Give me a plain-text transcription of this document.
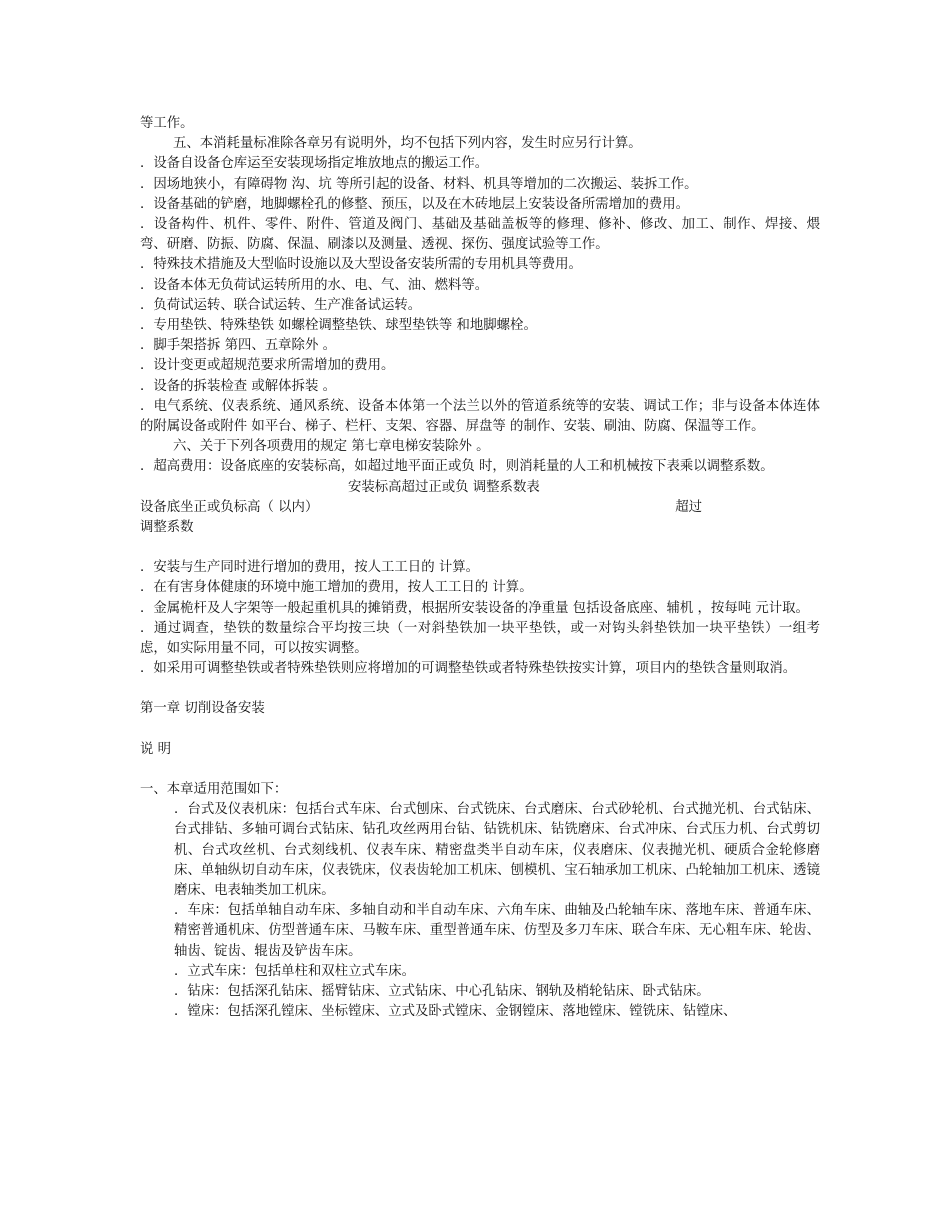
等工作。

五、本消耗量标准除各章另有说明外，均不包括下列内容，发生时应另行计算。

．设备自设备仓库运至安装现场指定堆放地点的搬运工作。

．因场地狭小，有障碍物 沟、坑 等所引起的设备、材料、机具等增加的二次搬运、装拆工作。

．设备基础的铲磨，地脚螺栓孔的修整、预压，以及在木砖地层上安装设备所需增加的费用。

．设备构件、机件、零件、附件、管道及阀门、基础及基础盖板等的修理、修补、修改、加工、制作、焊接、煨弯、研磨、防振、防腐、保温、刷漆以及测量、透视、探伤、强度试验等工作。

．特殊技术措施及大型临时设施以及大型设备安装所需的专用机具等费用。

．设备本体无负荷试运转所用的水、电、气、油、燃料等。

．负荷试运转、联合试运转、生产准备试运转。

．专用垫铁、特殊垫铁 如螺栓调整垫铁、球型垫铁等 和地脚螺栓。

．脚手架搭拆 第四、五章除外 。

．设计变更或超规范要求所需增加的费用。

．设备的拆装检查 或解体拆装 。

．电气系统、仪表系统、通风系统、设备本体第一个法兰以外的管道系统等的安装、调试工作；非与设备本体连体的附属设备或附件 如平台、梯子、栏杆、支架、容器、屏盘等 的制作、安装、刷油、防腐、保温等工作。

六、关于下列各项费用的规定 第七章电梯安装除外 。

．超高费用：设备底座的安装标高，如超过地平面正或负 时，则消耗量的人工和机械按下表乘以调整系数。

安装标高超过正或负 调整系数表

设备底坐正或负标高（ 以内）	超过

调整系数

．安装与生产同时进行增加的费用，按人工工日的 计算。

．在有害身体健康的环境中施工增加的费用，按人工工日的 计算。

．金属桅杆及人字架等一般起重机具的摊销费，根据所安装设备的净重量 包括设备底座、辅机 ，按每吨 元计取。

．通过调查，垫铁的数量综合平均按三块（一对斜垫铁加一块平垫铁，或一对钩头斜垫铁加一块平垫铁）一组考虑，如实际用量不同，可以按实调整。

．如采用可调整垫铁或者特殊垫铁则应将增加的可调整垫铁或者特殊垫铁按实计算，项目内的垫铁含量则取消。

第一章 切削设备安装

说 明

一、本章适用范围如下：

．台式及仪表机床：包括台式车床、台式刨床、台式铣床、台式磨床、台式砂轮机、台式抛光机、台式钻床、台式排钻、多轴可调台式钻床、钻孔攻丝两用台钻、钻铣机床、钻铣磨床、台式冲床、台式压力机、台式剪切机、台式攻丝机、台式刻线机、仪表车床、精密盘类半自动车床，仪表磨床、仪表抛光机、硬质合金轮修磨床、单轴纵切自动车床，仪表铣床，仪表齿轮加工机床、刨模机、宝石轴承加工机床、凸轮轴加工机床、透镜磨床、电表轴类加工机床。

．车床：包括单轴自动车床、多轴自动和半自动车床、六角车床、曲轴及凸轮轴车床、落地车床、普通车床、精密普通机床、仿型普通车床、马鞍车床、重型普通车床、仿型及多刀车床、联合车床、无心粗车床、轮齿、轴齿、锭齿、辊齿及铲齿车床。

．立式车床：包括单柱和双柱立式车床。

．钻床：包括深孔钻床、摇臂钻床、立式钻床、中心孔钻床、钢轨及梢轮钻床、卧式钻床。

．镗床：包括深孔镗床、坐标镗床、立式及卧式镗床、金钢镗床、落地镗床、镗铣床、钻镗床、
